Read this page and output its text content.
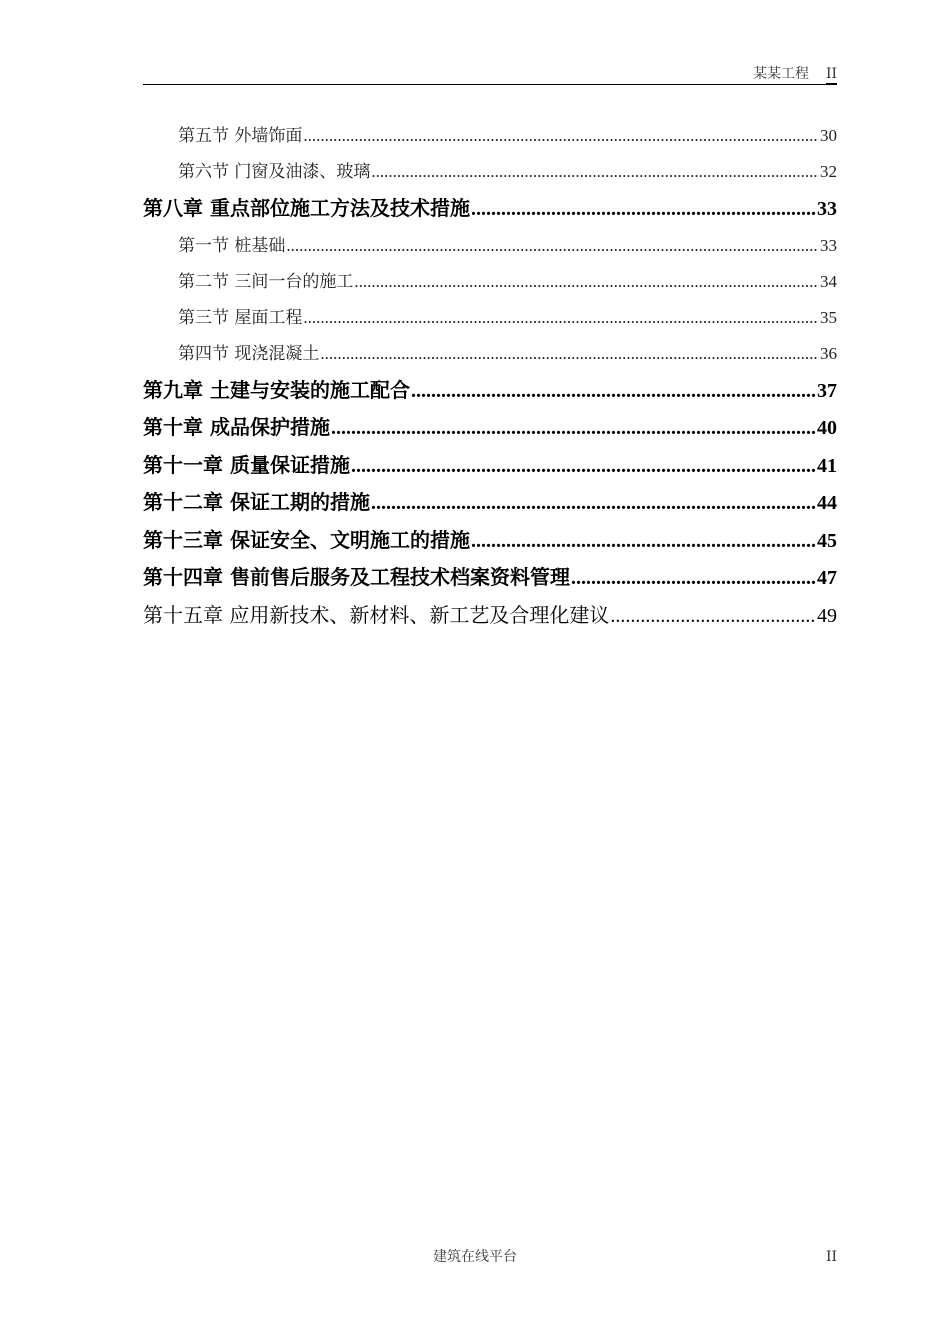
某某工程 II
第五节 外墙饰面 .....	30
第六节 门窗及油漆、玻璃 .....	32
第八章 重点部位施工方法及技术措施 .....	33
第一节 桩基础 .....	33
第二节 三间一台的施工 .....	34
第三节 屋面工程 .....	35
第四节 现浇混凝土 .....	36
第九章 土建与安装的施工配合 .....	37
第十章 成品保护措施 .....	40
第十一章 质量保证措施 .....	41
第十二章 保证工期的措施 .....	44
第十三章 保证安全、文明施工的措施 .....	45
第十四章 售前售后服务及工程技术档案资料管理 .....	47
第十五章 应用新技术、新材料、新工艺及合理化建议 .....	49
建筑在线平台	II
